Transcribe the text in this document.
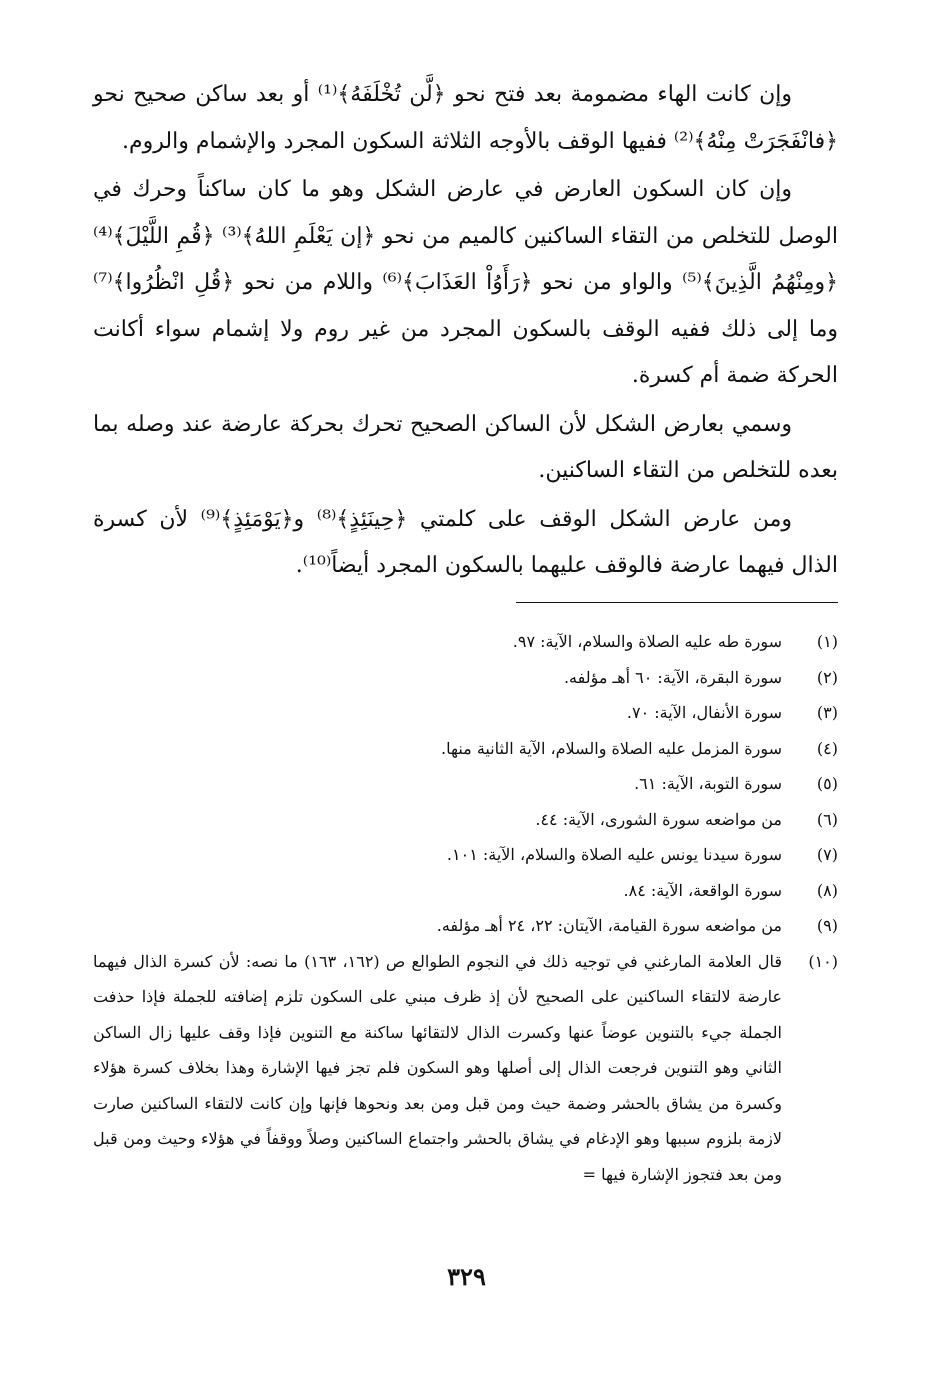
وإن كانت الهاء مضمومة بعد فتح نحو ﴿لَّن تُخْلَفَهُ﴾⁽¹⁾ أو بعد ساكن صحيح نحو ﴿فانْفَجَرَتْ مِنْهُ﴾⁽²⁾ ففيها الوقف بالأوجه الثلاثة السكون المجرد والإشمام والروم.

وإن كان السكون العارض في عارض الشكل وهو ما كان ساكناً وحرك في الوصل للتخلص من التقاء الساكنين كالميم من نحو ﴿إن يَعْلَمِ اللهُ﴾⁽³⁾ ﴿قُمِ اللَّيْلَ﴾⁽⁴⁾ ﴿ومِنْهُمُ الَّذِينَ﴾⁽⁵⁾ والواو من نحو ﴿رَأَوُاْ العَذَابَ﴾⁽⁶⁾ واللام من نحو ﴿قُلِ انْظُرُوا﴾⁽⁷⁾ وما إلى ذلك ففيه الوقف بالسكون المجرد من غير روم ولا إشمام سواء أكانت الحركة ضمة أم كسرة.

وسمي بعارض الشكل لأن الساكن الصحيح تحرك بحركة عارضة عند وصله بما بعده للتخلص من التقاء الساكنين.

ومن عارض الشكل الوقف على كلمتي ﴿حِينَئِذٍ﴾⁽⁸⁾ و﴿يَوْمَئِذٍ﴾⁽⁹⁾ لأن كسرة الذال فيهما عارضة فالوقف عليهما بالسكون المجرد أيضاً⁽¹⁰⁾.

(١)
سورة طه عليه الصلاة والسلام، الآية: ٩٧.
(٢)
سورة البقرة، الآية: ٦٠ أهـ مؤلفه.
(٣)
سورة الأنفال، الآية: ٧٠.
(٤)
سورة المزمل عليه الصلاة والسلام، الآية الثانية منها.
(٥)
سورة التوبة، الآية: ٦١.
(٦)
من مواضعه سورة الشورى، الآية: ٤٤.
(٧)
سورة سيدنا يونس عليه الصلاة والسلام، الآية: ١٠١.
(٨)
سورة الواقعة، الآية: ٨٤.
(٩)
من مواضعه سورة القيامة، الآيتان: ٢٢، ٢٤ أهـ مؤلفه.
(١٠)
قال العلامة المارغني في توجيه ذلك في النجوم الطوالع ص (١٦٢، ١٦٣) ما نصه: لأن كسرة الذال فيهما عارضة لالتقاء الساكنين على الصحيح لأن إذ ظرف مبني على السكون تلزم إضافته للجملة فإذا حذفت الجملة جيء بالتنوين عوضاً عنها وكسرت الذال لالتقائها ساكنة مع التنوين فإذا وقف عليها زال الساكن الثاني وهو التنوين فرجعت الذال إلى أصلها وهو السكون فلم تجز فيها الإشارة وهذا بخلاف كسرة هؤلاء وكسرة من يشاق بالحشر وضمة حيث ومن قبل ومن بعد ونحوها فإنها وإن كانت لالتقاء الساكنين صارت لازمة بلزوم سببها وهو الإدغام في يشاق بالحشر واجتماع الساكنين وصلاً ووقفاً في هؤلاء وحيث ومن قبل ومن بعد فتجوز الإشارة فيها =
٣٢٩
